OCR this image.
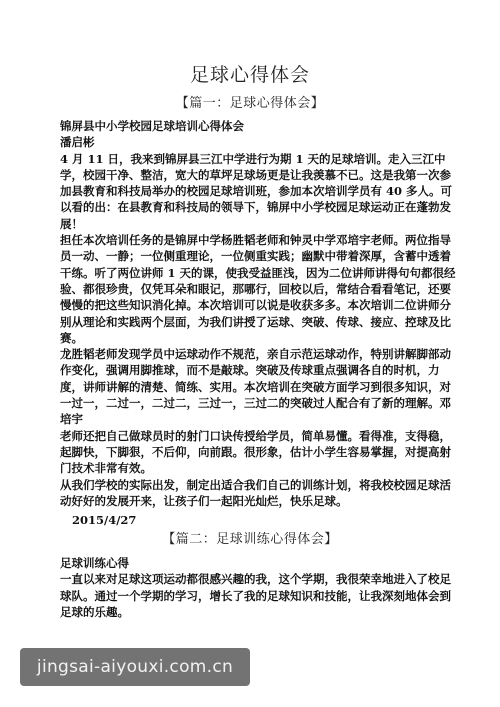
足球心得体会
【篇一：足球心得体会】
锦屏县中小学校园足球培训心得体会
潘启彬
4 月 11 日，我来到锦屏县三江中学进行为期 1 天的足球培训。走入三江中学，校园干净、整洁，宽大的草坪足球场更是让我羡慕不已。这是我第一次参加县教育和科技局举办的校园足球培训班，参加本次培训学员有 40 多人。可以看的出：在县教育和科技局的领导下，锦屏中小学校园足球运动正在蓬勃发展！
担任本次培训任务的是锦屏中学杨胜韬老师和钟灵中学邓培宇老师。两位指导员一动、一静；一位侧重理论，一位侧重实践；幽默中带着深厚，含蓄中透着干练。听了两位讲师 1 天的课，使我受益匪浅，因为二位讲师讲得句句都很经验、都很珍贵，仅凭耳朵和眼记，那哪行，回校以后，常结合看看笔记，还要慢慢的把这些知识消化掉。本次培训可以说是收获多多。本次培训二位讲师分别从理论和实践两个层面，为我们讲授了运球、突破、传球、接应、控球及比赛。
龙胜韬老师发现学员中运球动作不规范，亲自示范运球动作，特别讲解脚部动作变化，强调用脚推球，而不是敲球。突破及传球重点强调各自的时机，力度，讲师讲解的清楚、简练、实用。本次培训在突破方面学习到很多知识，对一过一，二过一，二过二，三过一，三过二的突破过人配合有了新的理解。邓培宇
老师还把自己做球员时的射门口诀传授给学员，简单易懂。看得准，支得稳，起脚快，下脚狠，不后仰，向前跟。很形象，估计小学生容易掌握，对提高射门技术非常有效。
从我们学校的实际出发，制定出适合我们自己的训练计划，将我校校园足球活动好好的发展开来，让孩子们一起阳光灿烂，快乐足球。
2015/4/27
【篇二：足球训练心得体会】
足球训练心得
一直以来对足球这项运动都很感兴趣的我，这个学期，我很荣幸地进入了校足球队。通过一个学期的学习，增长了我的足球知识和技能，让我深刻地体会到足球的乐趣。
jingsai-aiyouxi.com.cn
